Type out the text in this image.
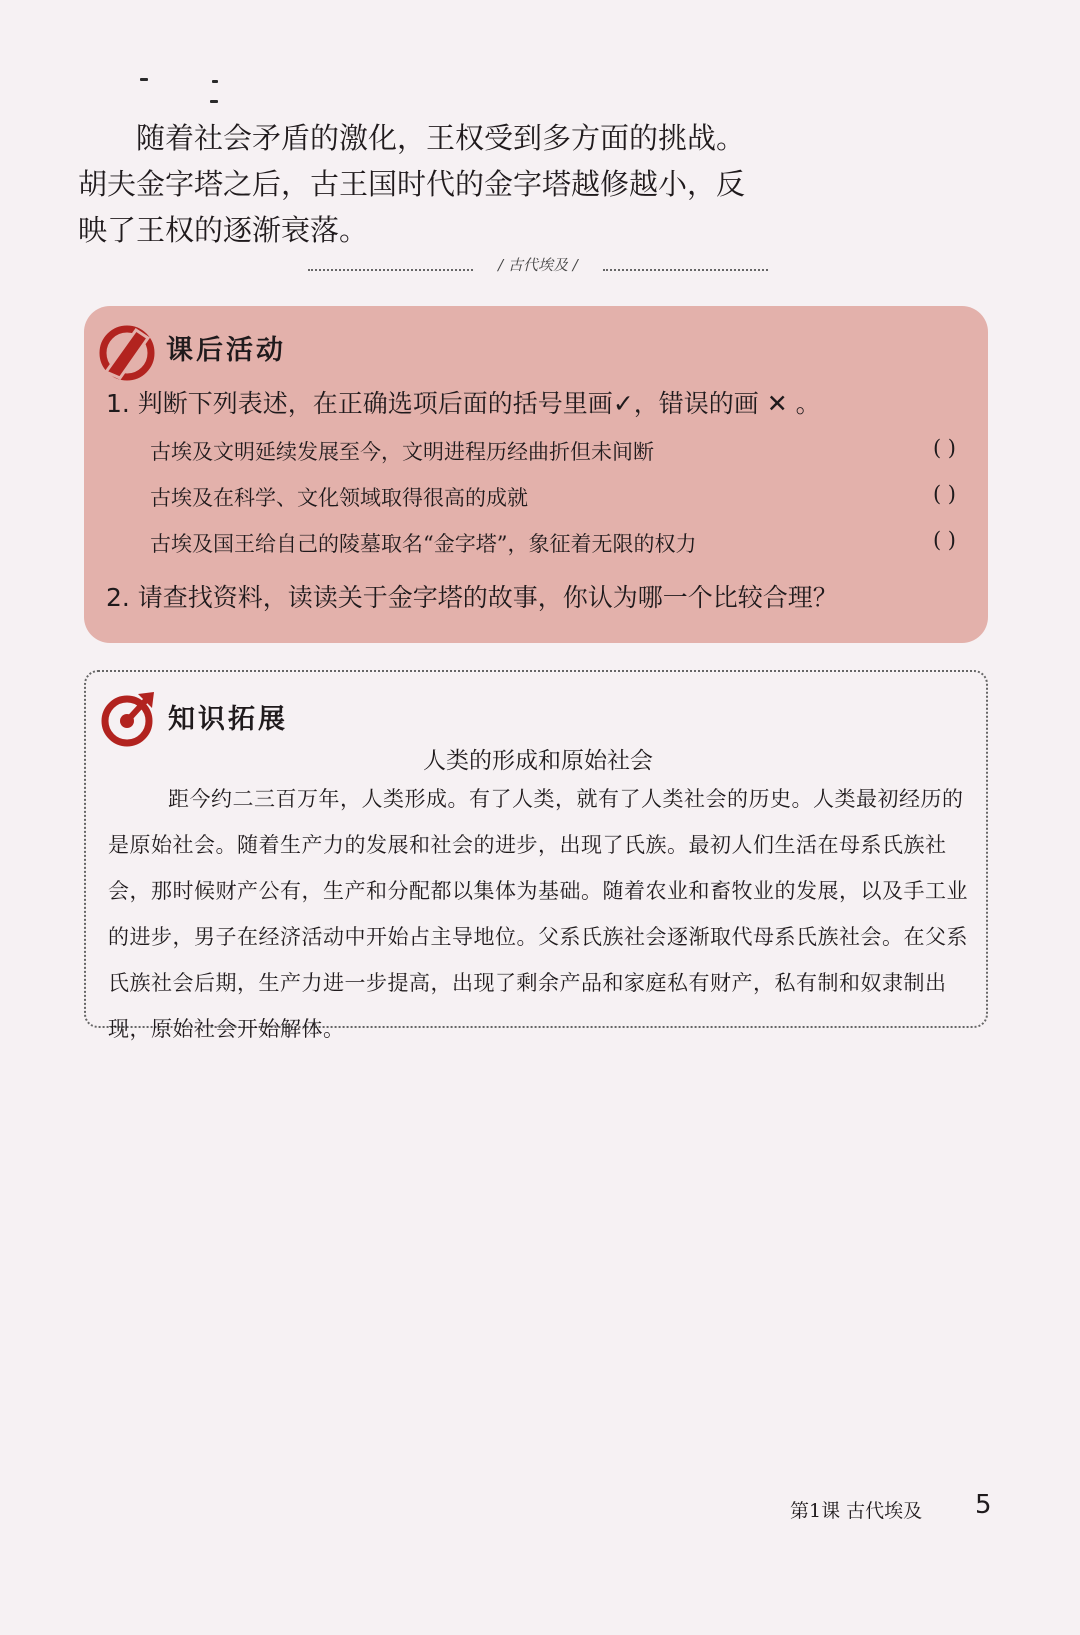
随着社会矛盾的激化，王权受到多方面的挑战。胡夫金字塔之后，古王国时代的金字塔越修越小，反映了王权的逐渐衰落。

/ 古代埃及 /
课后活动
1. 判断下列表述，在正确选项后面的括号里画✓，错误的画 ✕ 。
古埃及文明延续发展至今，文明进程历经曲折但未间断	( )
古埃及在科学、文化领域取得很高的成就	( )
古埃及国王给自己的陵墓取名“金字塔”，象征着无限的权力	( )
2. 请查找资料，读读关于金字塔的故事，你认为哪一个比较合理？
知识拓展
人类的形成和原始社会

距今约二三百万年，人类形成。有了人类，就有了人类社会的历史。人类最初经历的是原始社会。随着生产力的发展和社会的进步，出现了氏族。最初人们生活在母系氏族社会，那时候财产公有，生产和分配都以集体为基础。随着农业和畜牧业的发展，以及手工业的进步，男子在经济活动中开始占主导地位。父系氏族社会逐渐取代母系氏族社会。在父系氏族社会后期，生产力进一步提高，出现了剩余产品和家庭私有财产，私有制和奴隶制出现，原始社会开始解体。

第1课 古代埃及 5
